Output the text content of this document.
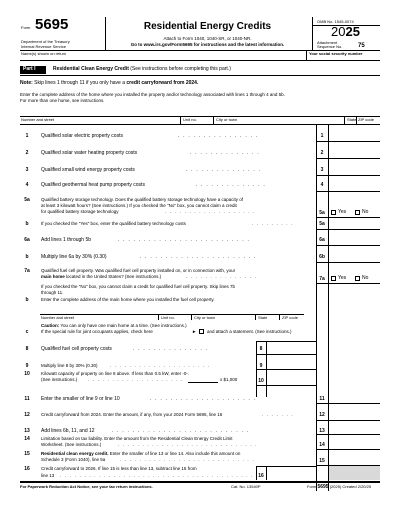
Form 5695
Department of the Treasury
Internal Revenue Service
Residential Energy Credits
Attach to Form 1040, 1040-SR, or 1040-NR.
Go to www.irs.gov/Form5695 for instructions and the latest information.
OMB No. 1545-0074
2025
Attachment
Sequence No.	75
Name(s) shown on return	Your social security number
Part I	Residential Clean Energy Credit (See instructions before completing this part.)
Note: Skip lines 1 through 11 if you only have a credit carryforward from 2024.
Enter the complete address of the home where you installed the property and/or technology associated with lines 1 through 4 and 5b.
For more than one home, see instructions.
Number and street	Unit no.	City or town	State ZIP code
1	Qualified solar electric property costs	. . . . . . . . . . . . . . . .	1
2	Qualified solar water heating property costs	. . . . . . . . . . . . . .	2
3	Qualified small wind energy property costs	. . . . . . . . . . . . . . .	3
4	Qualified geothermal heat pump property costs	. . . . . . . . . . . . . .	4
5a	Qualified battery storage technology. Does the qualified battery storage technology have a capacity of
at least 3 kilowatt hours? (See instructions.) If you checked the "No" box, you cannot claim a credit
for qualified battery storage technology	. . . . . . . . . . . . . . . . . . .	5a	Yes	No
b	If you checked the "Yes" box, enter the qualified battery technology costs	. . . . . . . . .	5a
6a	Add lines 1 through 5b	. . . . . . . . . . . . . . . . . . . . . . . . . .	6a
b	Multiply line 6a by 30% (0.30)	. . . . . . . . . . . . . . . . . . . . . . .	6b
7a	Qualified fuel cell property. Was qualified fuel cell property installed on, or in connection with, your
main home located in the United States? (See instructions.)	. . . . . . . . . . . . . . .	7a	Yes	No
If you checked the "No" box, you cannot claim a credit for qualified fuel cell property. Skip lines 7b
through 11.
b	Enter the complete address of the main home where you installed the fuel cell property.
Number and street	Unit no.	City or town	State	ZIP code
Caution: You can only have one main home at a time. (See instructions.)
c	If the special rule for joint occupants applies, check here	► and attach a statement. (See instructions.)
8	Qualified fuel cell property costs	. . . . . . . . . . . . . . .	8
9	Multiply line 8 by 30% (0.30)	. . . . . . . . . . . . . . . . . . . . .	9
10	Kilowatt capacity of property on line 8 above. If less than 0.5 kW, enter -0-.
(See instructions.) . . . . . . . . . . . . . . . . . . . .	x $1,000	10
11	Enter the smaller of line 9 or line 10	. . . . . . . . . . . . . . . . . . . . .	11
12	Credit carryforward from 2024. Enter the amount, if any, from your 2024 Form 5695, line 16	. . . . . . .	12
13	Add lines 6b, 11, and 12	. . . . . . . . . . . . . . . . . . . . . . . . . . .	13
14	Limitation based on tax liability. Enter the amount from the Residential Clean Energy Credit Limit
Worksheet. (See instructions.)	. . . . . . . . . . . . . . . . . . . . . . . . . . . . .	14
15	Residential clean energy credit. Enter the smaller of line 13 or line 14. Also include this amount on
Schedule 3 (Form 1040), line 5a	. . . . . . . . . . . . . . . . . . . . . . . . . . . .	15
16	Credit carryforward to 2026. If line 15 is less than line 13, subtract line 15 from
line 13 . . . . . . . . . . . . . . . . . . . . . . . . . . . . . . . . . . . . . . . . 16
For Paperwork Reduction Act Notice, see your tax return instructions.	Cat. No. 13540P	Form 5695 (2025) Created 2/20/25
